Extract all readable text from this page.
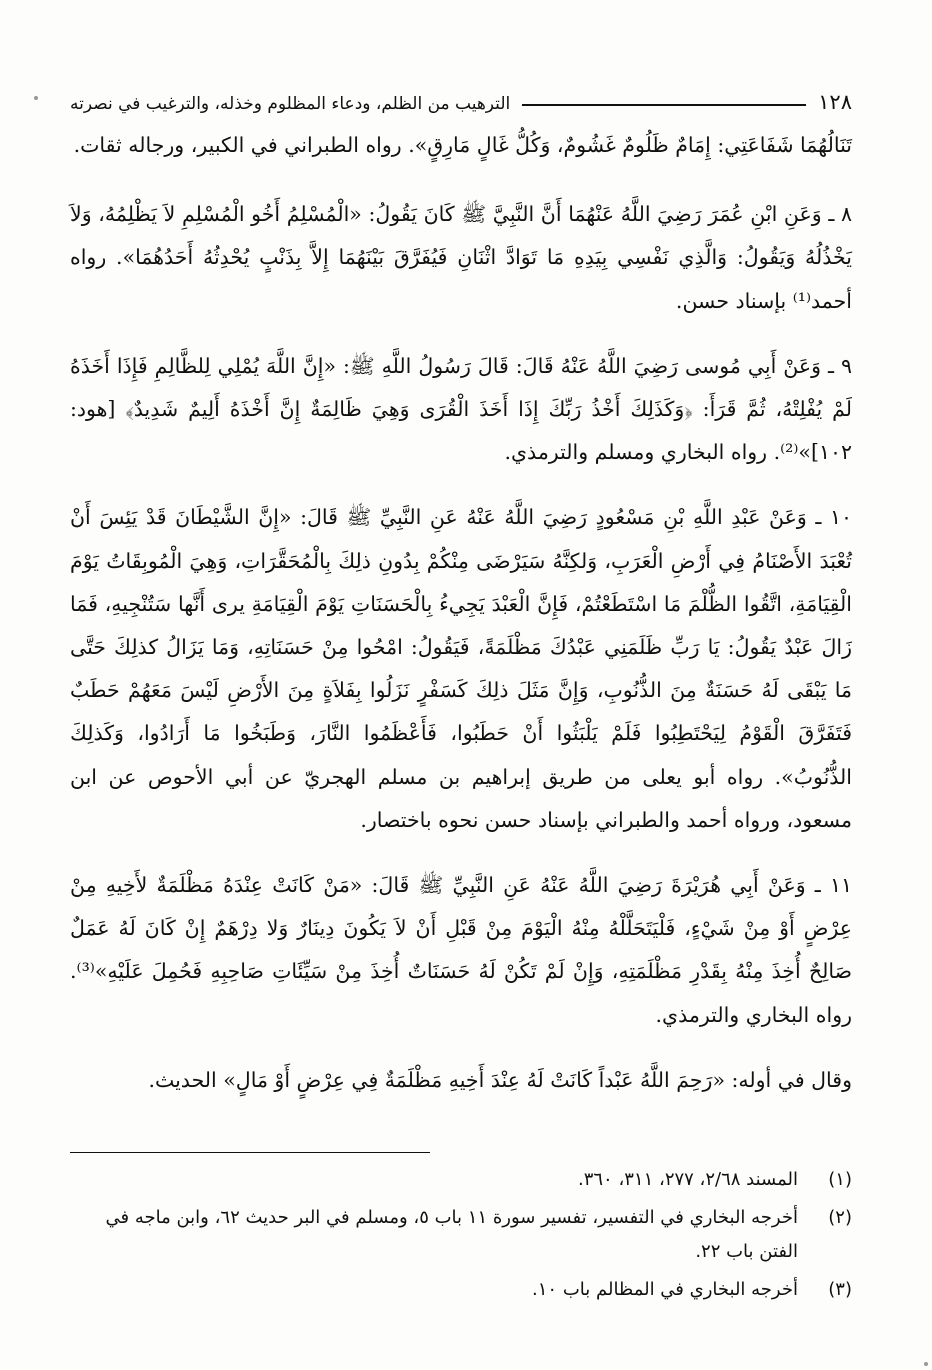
١٢٨
الترهيب من الظلم، ودعاء المظلوم وخذله، والترغيب في نصرته

تَنَالُهُمَا شَفَاعَتِي: إِمَامٌ ظَلُومٌ غَشُومٌ، وَكُلُّ غَالٍ مَارِقٍ». رواه الطبراني في الكبير، ورجاله ثقات.

٨ ـ وَعَنِ ابْنِ عُمَرَ رَضِيَ اللَّهُ عَنْهُمَا أَنَّ النَّبِيَّ ﷺ كَانَ يَقُولُ: «الْمُسْلِمُ أَخُو الْمُسْلِمِ لاَ يَظْلِمُهُ، وَلاَ يَخْذُلُهُ وَيَقُولُ: وَالَّذِي نَفْسِي بِيَدِهِ مَا تَوَادَّ اثْنَانِ فَيُفَرَّقَ بَيْنَهُمَا إِلاَّ بِذَنْبٍ يُحْدِثُهُ أَحَدُهُمَا». رواه أحمد⁽¹⁾ بإسناد حسن.

٩ ـ وَعَنْ أَبِي مُوسى رَضِيَ اللَّهُ عَنْهُ قَالَ: قَالَ رَسُولُ اللَّهِ ﷺ: «إِنَّ اللَّهَ يُمْلِي لِلظَّالِمِ فَإِذَا أَخَذَهُ لَمْ يُفْلِتْهُ، ثُمَّ قَرَأَ: ﴿وَكَذَلِكَ أَخْذُ رَبِّكَ إِذَا أَخَذَ الْقُرَى وَهِيَ ظَالِمَةٌ إِنَّ أَخْذَهُ أَلِيمٌ شَدِيدٌ﴾ [هود: ١٠٢]»⁽²⁾. رواه البخاري ومسلم والترمذي.

١٠ ـ وَعَنْ عَبْدِ اللَّهِ بْنِ مَسْعُودٍ رَضِيَ اللَّهُ عَنْهُ عَنِ النَّبِيِّ ﷺ قَالَ: «إِنَّ الشَّيْطَانَ قَدْ يَئِسَ أَنْ تُعْبَدَ الأَصْنَامُ فِي أَرْضِ الْعَرَبِ، وَلكِنَّهُ سَيَرْضَى مِنْكُمْ بِدُونِ ذلِكَ بِالْمُحَقَّرَاتِ، وَهِيَ الْمُوبِقَاتُ يَوْمَ الْقِيَامَةِ، اتَّقُوا الظُّلْمَ مَا اسْتَطَعْتُمْ، فَإِنَّ الْعَبْدَ يَجِيءُ بِالْحَسَنَاتِ يَوْمَ الْقِيَامَةِ يرى أَنَّها سَتُنْجِيهِ، فَمَا زَالَ عَبْدٌ يَقُولُ: يَا رَبِّ ظَلَمَنِي عَبْدُكَ مَظْلَمَةً، فَيَقُولُ: امْحُوا مِنْ حَسَنَاتِهِ، وَمَا يَزَالُ كذلِكَ حَتَّى مَا يَبْقَى لَهُ حَسَنَةٌ مِنَ الذُّنُوبِ، وَإِنَّ مَثَلَ ذلِكَ كَسَفْرٍ نَزَلُوا بِفَلاَةٍ مِنَ الأَرْضِ لَيْسَ مَعَهُمْ حَطَبٌ فَتَفَرَّقَ الْقَوْمُ لِيَحْتَطِبُوا فَلَمْ يَلْبَثُوا أَنْ حَطَبُوا، فَأَعْظَمُوا النَّارَ، وَطَبَخُوا مَا أَرَادُوا، وَكَذلِكَ الذُّنُوبُ». رواه أبو يعلى من طريق إبراهيم بن مسلم الهجريّ عن أبي الأحوص عن ابن مسعود، ورواه أحمد والطبراني بإسناد حسن نحوه باختصار.

١١ ـ وَعَنْ أَبِي هُرَيْرَةَ رَضِيَ اللَّهُ عَنْهُ عَنِ النَّبِيِّ ﷺ قَالَ: «مَنْ كَانَتْ عِنْدَهُ مَظْلَمَةٌ لأَخِيهِ مِنْ عِرْضٍ أَوْ مِنْ شَيْءٍ، فَلْيَتَحَلَّلْهُ مِنْهُ الْيَوْمَ مِنْ قَبْلِ أَنْ لاَ يَكُونَ دِينَارٌ وَلا دِرْهَمٌ إِنْ كَانَ لَهُ عَمَلٌ صَالِحٌ أُخِذَ مِنْهُ بِقَدْرِ مَظْلَمَتِهِ، وَإِنْ لَمْ تَكُنْ لَهُ حَسَنَاتٌ أُخِذَ مِنْ سَيِّئَاتِ صَاحِبِهِ فَحُمِلَ عَلَيْهِ»⁽³⁾. رواه البخاري والترمذي.

وقال في أوله: «رَحِمَ اللَّهُ عَبْداً كَانَتْ لَهُ عِنْدَ أَخِيهِ مَظْلَمَةٌ فِي عِرْضٍ أَوْ مَالٍ» الحديث.

(١)
المسند ٢/٦٨، ٢٧٧، ٣١١، ٣٦٠.
(٢)
أخرجه البخاري في التفسير، تفسير سورة ١١ باب ٥، ومسلم في البر حديث ٦٢، وابن ماجه في الفتن باب ٢٢.
(٣)
أخرجه البخاري في المظالم باب ١٠.
